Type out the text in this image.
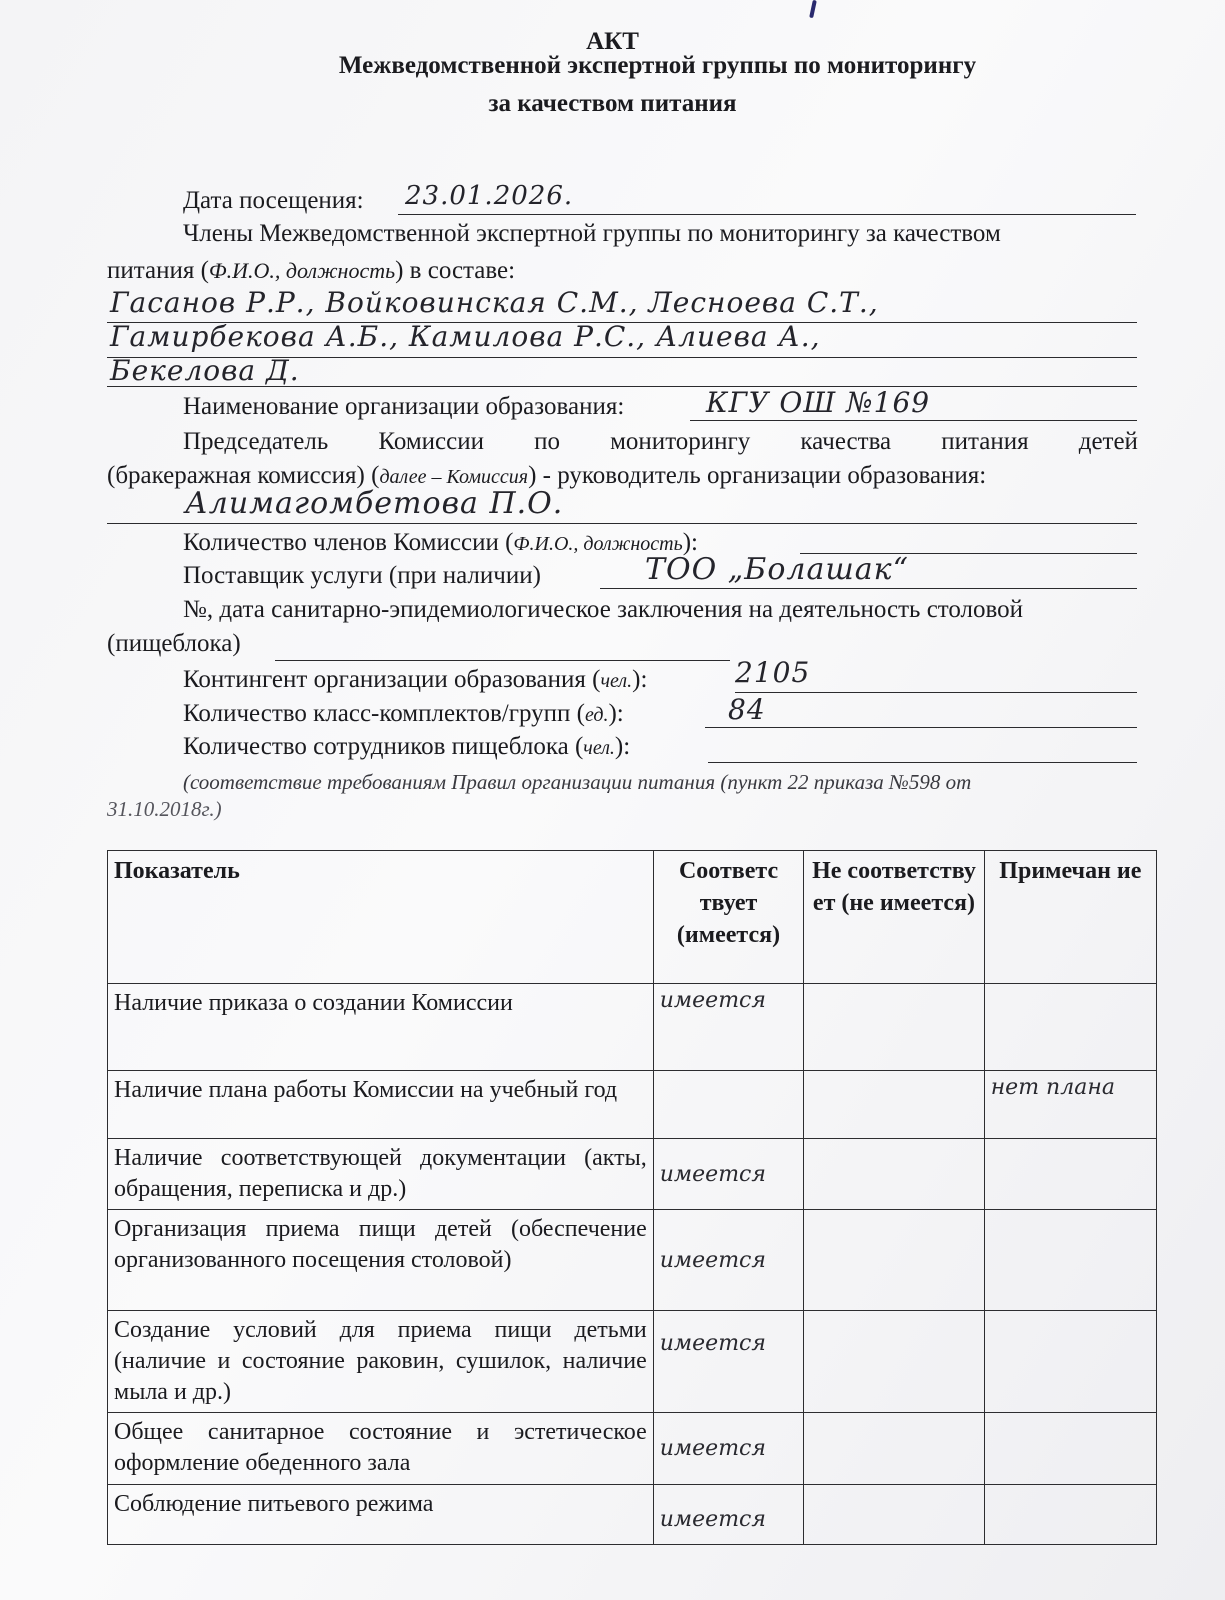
АКТ
Межведомственной экспертной группы по мониторингу
за качеством питания
Дата посещения: 23.01.2026.
Члены Межведомственной экспертной группы по мониторингу за качеством
питания (Ф.И.О., должность) в составе:
Гасанов Р.Р., Войковинская С.М., Лесноева С.Т.,
Гамирбекова А.Б., Камилова Р.С., Алиева А.,
Бекелова Д.
Наименование организации образования:	КГУ ОШ №169
Председатель Комиссии по мониторингу качества питания детей
(бракеражная комиссия) (далее – Комиссия) - руководитель организации образования:
Алимагомбетова П.О.
Количество членов Комиссии (Ф.И.О., должность):
Поставщик услуги (при наличии)	ТОО „Болашак“
№, дата санитарно-эпидемиологическое заключения на деятельность столовой
(пищеблока)
Контингент организации образования (чел.):	2105
Количество класс-комплектов/групп (ед.):	84
Количество сотрудников пищеблока (чел.):
(соответствие требованиям Правил организации питания (пункт 22 приказа №598 от
31.10.2018г.)
Показатель	Соответс твует (имеется)	Не соответству ет (не имеется)	Примечан ие
Наличие приказа о создании Комиссии	имеется		
Наличие плана работы Комиссии на учебный год			нет плана
Наличие соответствующей документации (акты, обращения, переписка и др.)	имеется		
Организация приема пищи детей (обеспечение организованного посещения столовой)	имеется		
Создание условий для приема пищи детьми (наличие и состояние раковин, сушилок, наличие мыла и др.)	имеется		
Общее санитарное состояние и эстетическое оформление обеденного зала	имеется		
Соблюдение питьевого режима	имеется		
